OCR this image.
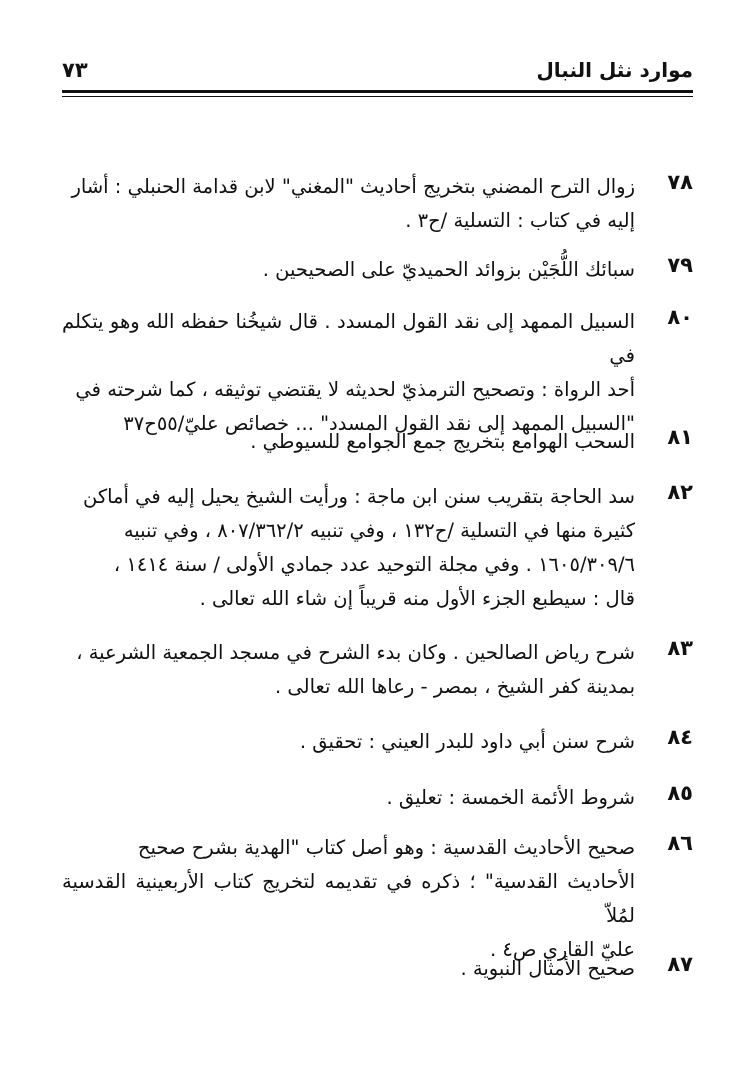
موارد نثل النبال
٧٣
٧٨
زوال الترح المضني بتخريج أحاديث "المغني" لابن قدامة الحنبلي : أشار
إليه في كتاب : التسلية /ح٣ .
٧٩
سبائك اللُّجَيْن بزوائد الحميديّ على الصحيحين .
٨٠
السبيل الممهد إلى نقد القول المسدد . قال شيخُنا حفظه الله وهو يتكلم في
أحد الرواة : وتصحيح الترمذيّ لحديثه لا يقتضي توثيقه ، كما شرحته في
"السبيل الممهد إلى نقد القول المسدد" ... خصائص عليّ/٥٥ح٣٧
٨١
السحب الهوامع بتخريج جمع الجوامع للسيوطي .
٨٢
سد الحاجة بتقريب سنن ابن ماجة : ورأيت الشيخ يحيل إليه في أماكن
كثيرة منها في التسلية /ح١٣٢ ، وفي تنبيه ٨٠٧/٣٦٢/٢ ، وفي تنبيه
١٦٠٥/٣٠٩/٦ . وفي مجلة التوحيد عدد جمادي الأولى / سنة ١٤١٤ ،
قال : سيطبع الجزء الأول منه قريباً إن شاء الله تعالى .
٨٣
شرح رياض الصالحين . وكان بدء الشرح في مسجد الجمعية الشرعية ،
بمدينة كفر الشيخ ، بمصر - رعاها الله تعالى .
٨٤
شرح سنن أبي داود للبدر العيني : تحقيق .
٨٥
شروط الأئمة الخمسة : تعليق .
٨٦
صحيح الأحاديث القدسية : وهو أصل كتاب "الهدية بشرح صحيح
الأحاديث القدسية" ؛ ذكره في تقديمه لتخريج كتاب الأربعينية القدسية لمُلاّ
عليّ القاري ص٤ .
٨٧
صحيح الأمثال النبوية .
